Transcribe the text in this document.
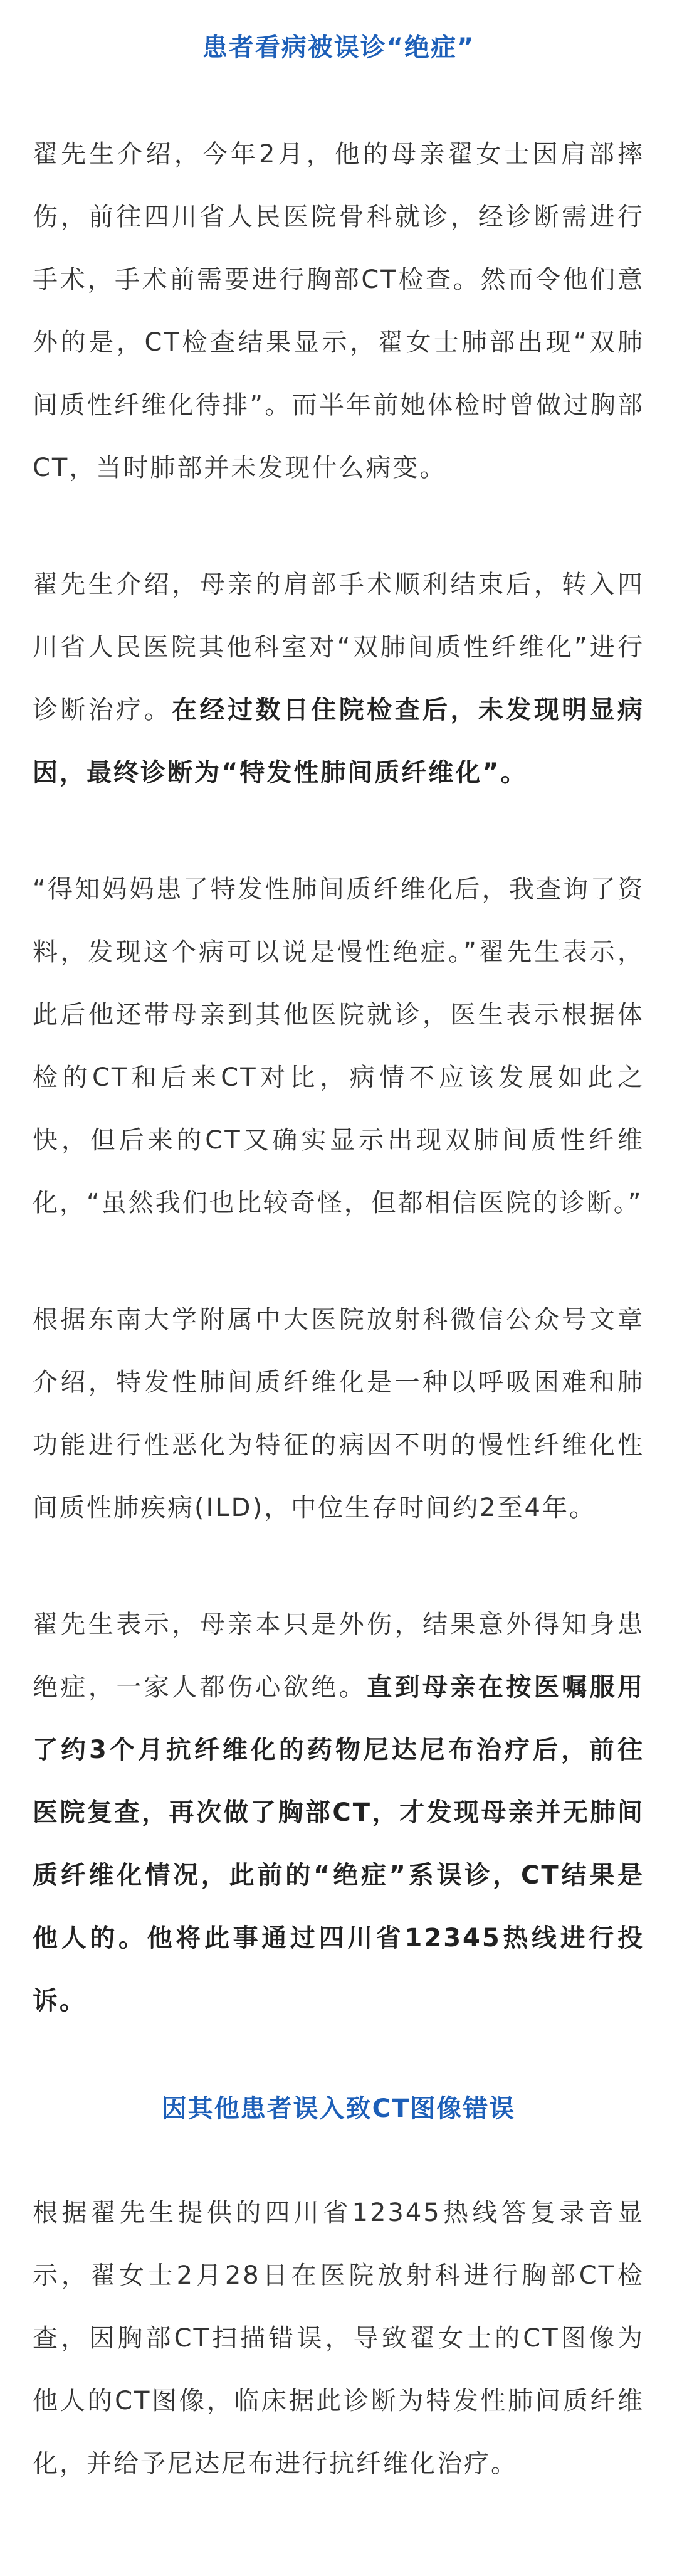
患者看病被误诊“绝症”

翟先生介绍，今年2月，他的母亲翟女士因肩部摔伤，前往四川省人民医院骨科就诊，经诊断需进行手术，手术前需要进行胸部CT检查。然而令他们意外的是，CT检查结果显示，翟女士肺部出现“双肺间质性纤维化待排”。而半年前她体检时曾做过胸部CT，当时肺部并未发现什么病变。

翟先生介绍，母亲的肩部手术顺利结束后，转入四川省人民医院其他科室对“双肺间质性纤维化”进行诊断治疗。在经过数日住院检查后，未发现明显病因，最终诊断为“特发性肺间质纤维化”。

“得知妈妈患了特发性肺间质纤维化后，我查询了资料，发现这个病可以说是慢性绝症。”翟先生表示，此后他还带母亲到其他医院就诊，医生表示根据体检的CT和后来CT对比，病情不应该发展如此之快，但后来的CT又确实显示出现双肺间质性纤维化，“虽然我们也比较奇怪，但都相信医院的诊断。”

根据东南大学附属中大医院放射科微信公众号文章介绍，特发性肺间质纤维化是一种以呼吸困难和肺功能进行性恶化为特征的病因不明的慢性纤维化性间质性肺疾病(ILD)，中位生存时间约2至4年。

翟先生表示，母亲本只是外伤，结果意外得知身患绝症，一家人都伤心欲绝。直到母亲在按医嘱服用了约3个月抗纤维化的药物尼达尼布治疗后，前往医院复查，再次做了胸部CT，才发现母亲并无肺间质纤维化情况，此前的“绝症”系误诊，CT结果是他人的。他将此事通过四川省12345热线进行投诉。

因其他患者误入致CT图像错误

根据翟先生提供的四川省12345热线答复录音显示，翟女士2月28日在医院放射科进行胸部CT检查，因胸部CT扫描错误，导致翟女士的CT图像为他人的CT图像，临床据此诊断为特发性肺间质纤维化，并给予尼达尼布进行抗纤维化治疗。
